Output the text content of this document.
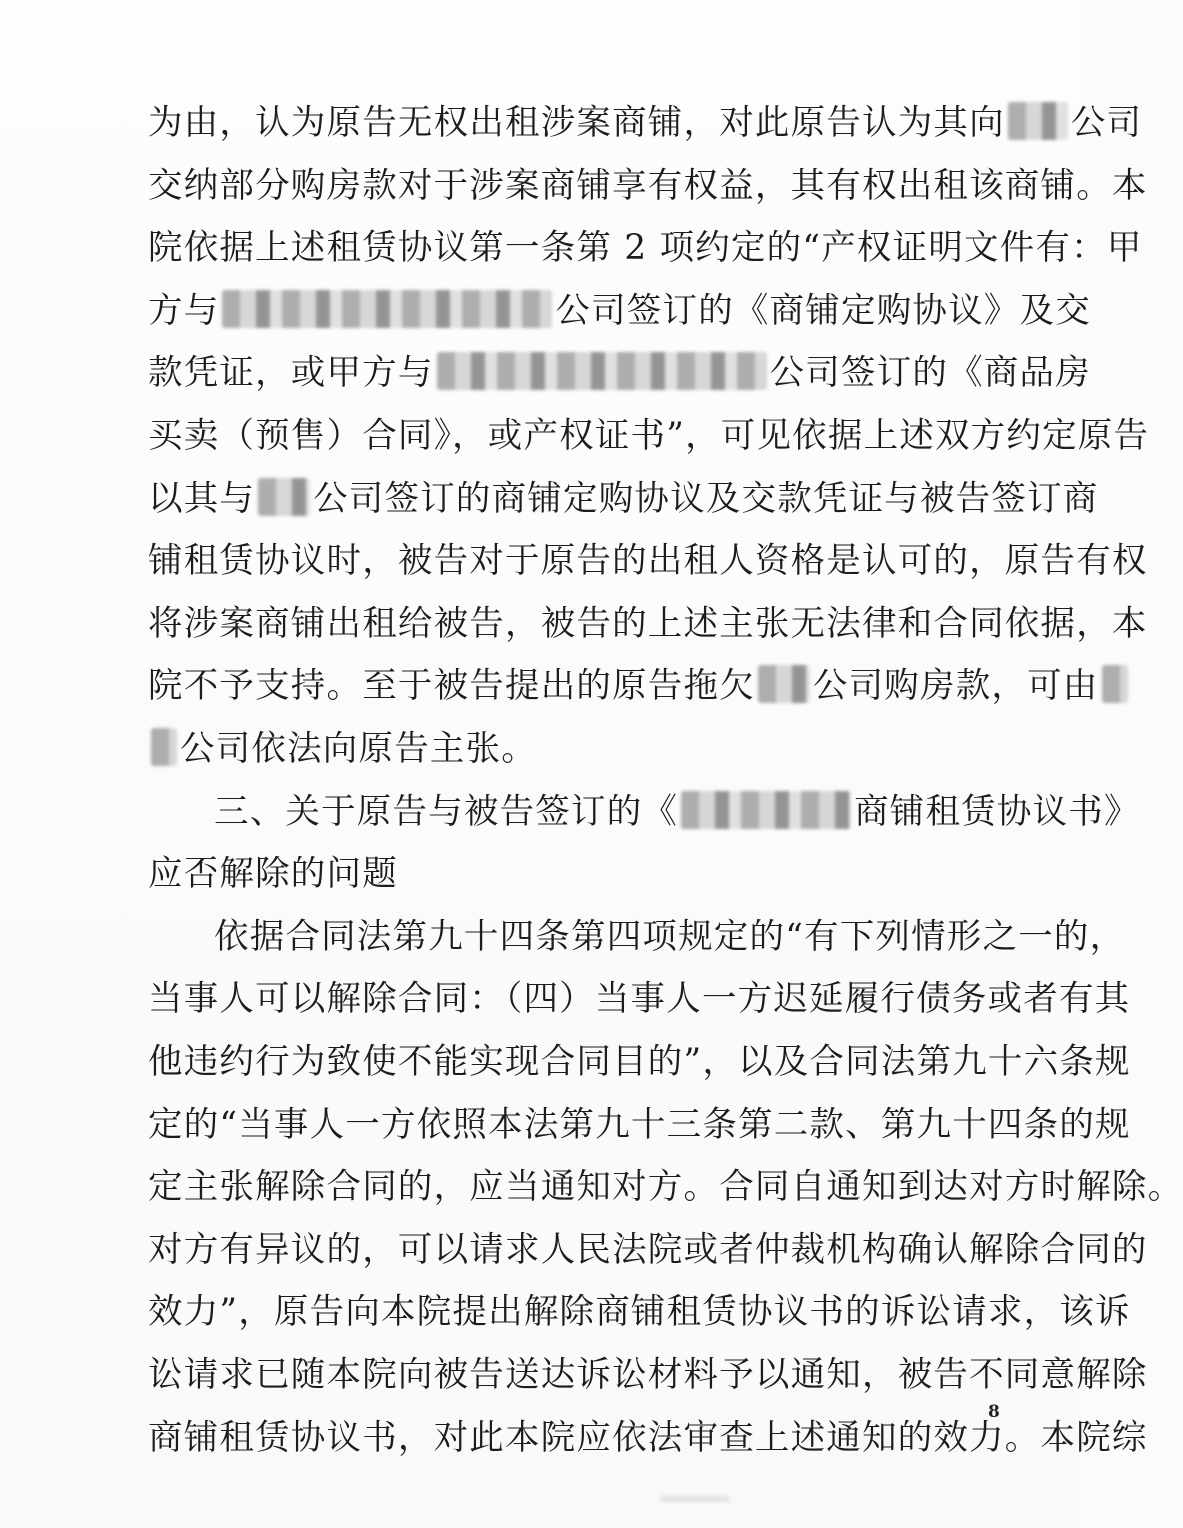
为由，认为原告无权出租涉案商铺，对此原告认为其向 公司
交纳部分购房款对于涉案商铺享有权益，其有权出租该商铺。本
院依据上述租赁协议第一条第 2 项约定的“产权证明文件有：甲
方与	公司签订的《商铺定购协议》及交
款凭证，或甲方与	公司签订的《商品房
买卖（预售）合同》，或产权证书”，可见依据上述双方约定原告
以其与 公司签订的商铺定购协议及交款凭证与被告签订商
铺租赁协议时，被告对于原告的出租人资格是认可的，原告有权
将涉案商铺出租给被告，被告的上述主张无法律和合同依据，本
院不予支持。至于被告提出的原告拖欠 公司购房款，可由
公司依法向原告主张。
三、关于原告与被告签订的《	商铺租赁协议书》
应否解除的问题
依据合同法第九十四条第四项规定的“有下列情形之一的，
当事人可以解除合同：（四）当事人一方迟延履行债务或者有其
他违约行为致使不能实现合同目的”，以及合同法第九十六条规
定的“当事人一方依照本法第九十三条第二款、第九十四条的规
定主张解除合同的，应当通知对方。合同自通知到达对方时解除。
对方有异议的，可以请求人民法院或者仲裁机构确认解除合同的
效力”，原告向本院提出解除商铺租赁协议书的诉讼请求，该诉
讼请求已随本院向被告送达诉讼材料予以通知，被告不同意解除
商铺租赁协议书，对此本院应依法审查上述通知的效力。本院综
8
